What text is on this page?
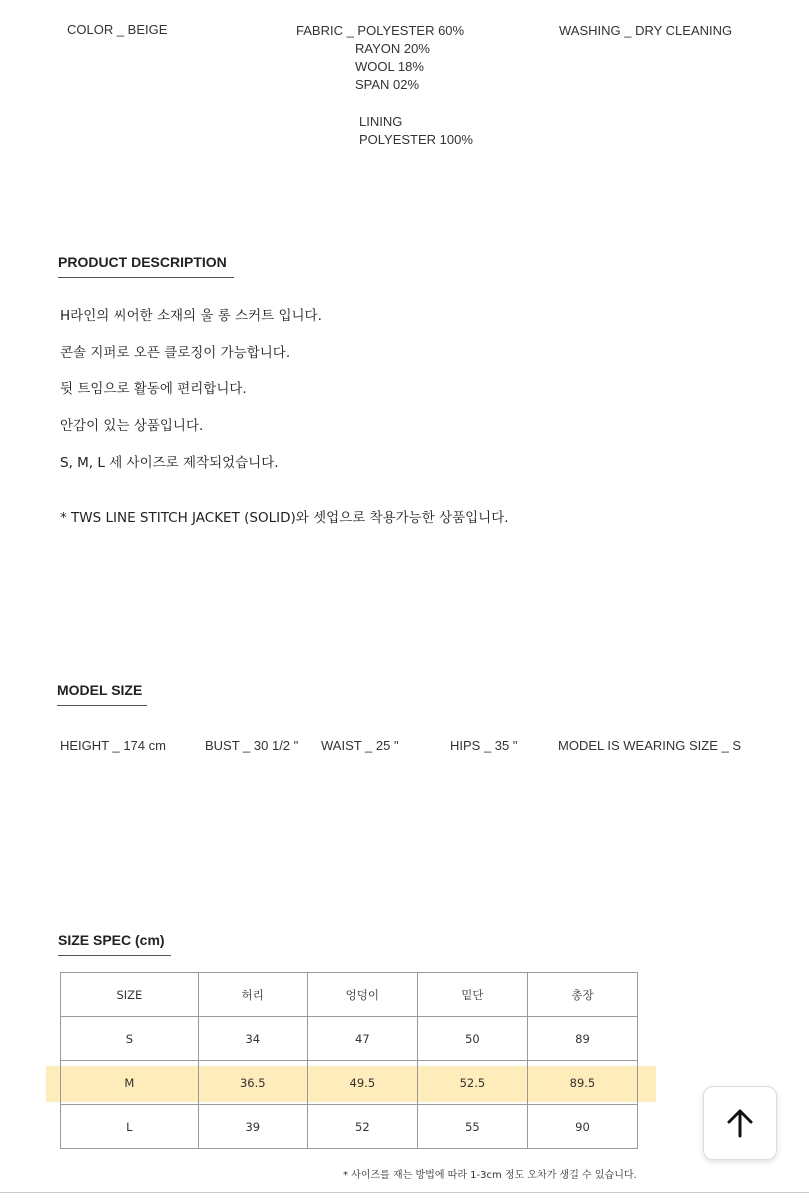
COLOR _ BEIGE	FABRIC _ POLYESTER 60%
RAYON 20%
WOOL 18%
SPAN 02%
LINING
POLYESTER 100%
WASHING _ DRY CLEANING
PRODUCT DESCRIPTION
H라인의 씨어한 소재의 울 롱 스커트 입니다.
콘솔 지퍼로 오픈 클로징이 가능합니다.
뒷 트임으로 활동에 편리합니다.
안감이 있는 상품입니다.
S, M, L 세 사이즈로 제작되었습니다.
* TWS LINE STITCH JACKET (SOLID)와 셋업으로 착용가능한 상품입니다.
MODEL SIZE
HEIGHT _ 174 cm	BUST _ 30 1/2 " WAIST _ 25 "	HIPS _ 35 "	MODEL IS WEARING SIZE _ S
SIZE SPEC (cm)
SIZE	허리	엉덩이	밑단	총장
S	34	47	50	89
M	36.5	49.5	52.5	89.5
L	39	52	55	90
* 사이즈를 재는 방법에 따라 1-3cm 정도 오차가 생길 수 있습니다.
